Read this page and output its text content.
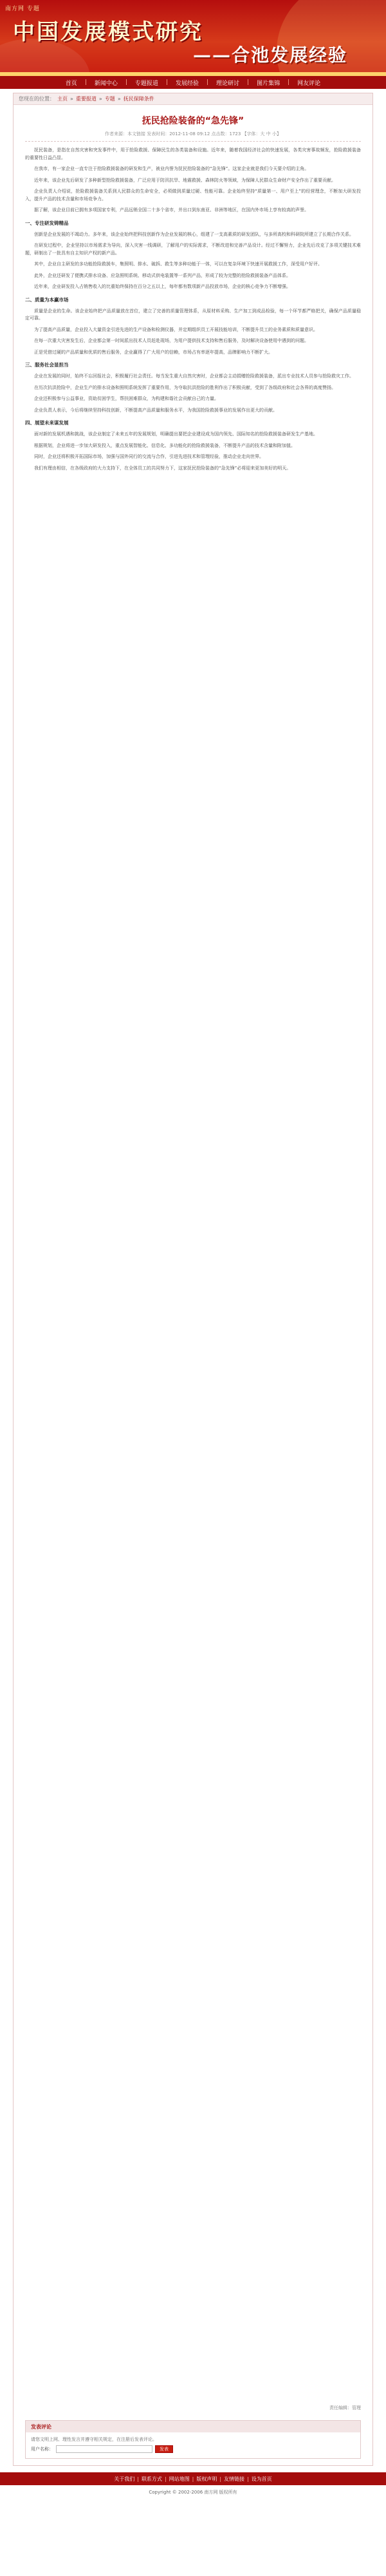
南方网 专题
中国发展模式研究
——合池发展经验
首页	|	新闻中心	|	专题报道	|	发展经验	|	理论研讨	|	图片集锦	|	网友评论
您现在的位置： 主页 » 重要报道 » 专题 » 抚民保障条件
抚民抢险装备的“急先锋”
作者来源：本文链接 发表时间：2012-11-08 09:12 点击数：1723 【字体：大 中 小】

抚民装备，是指在自然灾害和突发事件中，用于抢险救援、保障民生的各类装备和设施。近年来，随着我国经济社会的快速发展，各类灾害事故频发，抢险救援装备的重要性日益凸显。

在我市，有一家企业一直专注于抢险救援装备的研发和生产，被业内誉为抚民抢险装备的“急先锋”。这家企业就是我们今天要介绍的主角。

近年来，该企业先后研发了多种新型抢险救援装备，广泛应用于防汛抗旱、地震救援、森林防火等领域，为保障人民群众生命财产安全作出了重要贡献。

企业负责人介绍说，抢险救援装备关系到人民群众的生命安全，必须做到质量过硬、性能可靠。企业始终坚持“质量第一、用户至上”的经营理念，不断加大研发投入，提升产品的技术含量和市场竞争力。

据了解，该企业目前已拥有多项国家专利，产品远销全国二十多个省市，并出口到东南亚、非洲等地区，在国内外市场上享有较高的声誉。

一、专注研发铸精品

创新是企业发展的不竭动力。多年来，该企业始终把科技创新作为企业发展的核心，组建了一支高素质的研发团队，与多所高校和科研院所建立了长期合作关系。

在研发过程中，企业坚持以市场需求为导向，深入灾害一线调研，了解用户的实际需求，不断改进和完善产品设计。经过不懈努力，企业先后攻克了多项关键技术难题，研制出了一批具有自主知识产权的新产品。

其中，企业自主研发的多功能抢险救援车，集照明、排水、破拆、救生等多种功能于一体，可以在复杂环境下快速开展救援工作，深受用户好评。

此外，企业还研发了便携式排水设备、应急照明系统、移动式供电装置等一系列产品，形成了较为完整的抢险救援装备产品体系。

近年来，企业研发投入占销售收入的比重始终保持在百分之五以上，每年都有数项新产品投放市场，企业的核心竞争力不断增强。

二、质量为本赢市场

质量是企业的生命。该企业始终把产品质量放在首位，建立了完善的质量管理体系，从原材料采购、生产加工到成品检验，每一个环节都严格把关，确保产品质量稳定可靠。

为了提高产品质量，企业投入大量资金引进先进的生产设备和检测仪器，并定期组织员工开展技能培训，不断提升员工的业务素质和质量意识。

在每一次重大灾害发生后，企业都会第一时间派出技术人员赶赴现场，为用户提供技术支持和售后服务，及时解决设备使用中遇到的问题。

正是凭借过硬的产品质量和优质的售后服务，企业赢得了广大用户的信赖，市场占有率逐年提高，品牌影响力不断扩大。

三、服务社会显担当

企业在发展的同时，始终不忘回报社会，积极履行社会责任。每当发生重大自然灾害时，企业都会主动捐赠抢险救援装备，派出专业技术人员参与抢险救灾工作。

在历次抗洪抢险中，企业生产的排水设备和照明系统发挥了重要作用，为夺取抗洪抢险的胜利作出了积极贡献，受到了各级政府和社会各界的高度赞扬。

企业还积极参与公益事业，资助贫困学生，帮扶困难群众，为构建和谐社会贡献自己的力量。

企业负责人表示，今后将继续坚持科技创新，不断提高产品质量和服务水平，为我国抢险救援事业的发展作出更大的贡献。

四、展望未来谋发展

面对新的发展机遇和挑战，该企业制定了未来五年的发展规划，明确提出要把企业建设成为国内领先、国际知名的抢险救援装备研发生产基地。

根据规划，企业将进一步加大研发投入，重点发展智能化、信息化、多功能化的抢险救援装备，不断提升产品的技术含量和附加值。

同时，企业还将积极开拓国际市场，加强与国外同行的交流与合作，引进先进技术和管理经验，推动企业走向世界。

我们有理由相信，在各级政府的大力支持下，在全体员工的共同努力下，这家抚民抢险装备的“急先锋”必将迎来更加美好的明天。

责任编辑：管理
发表评论
请您文明上网、理性发言并遵守相关规定，在注册后发表评论。
用户名称：	发表
关于我们 | 联系方式 | 网站地图 | 版权声明 | 友情链接 | 设为首页
Copyright © 2002-2006 南方网 版权所有
